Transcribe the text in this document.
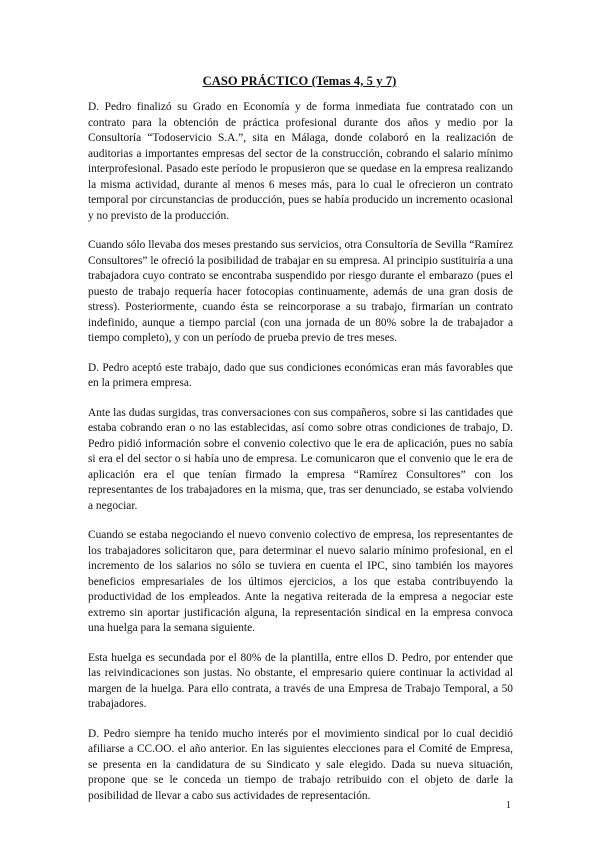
CASO PRÁCTICO (Temas 4, 5 y 7)

D. Pedro finalizó su Grado en Economía y de forma inmediata fue contratado con un contrato para la obtención de práctica profesional durante dos años y medio por la Consultoría “Todoservicio S.A.”, sita en Málaga, donde colaboró en la realización de auditorias a importantes empresas del sector de la construcción, cobrando el salario mínimo interprofesional. Pasado este período le propusieron que se quedase en la empresa realizando la misma actividad, durante al menos 6 meses más, para lo cual le ofrecieron un contrato temporal por circunstancias de producción, pues se había producido un incremento ocasional y no previsto de la producción.

Cuando sólo llevaba dos meses prestando sus servicios, otra Consultoría de Sevilla “Ramírez Consultores” le ofreció la posibilidad de trabajar en su empresa. Al principio sustituiría a una trabajadora cuyo contrato se encontraba suspendido por riesgo durante el embarazo (pues el puesto de trabajo requería hacer fotocopias continuamente, además de una gran dosis de stress). Posteriormente, cuando ésta se reincorporase a su trabajo, firmarían un contrato indefinido, aunque a tiempo parcial (con una jornada de un 80% sobre la de trabajador a tiempo completo), y con un período de prueba previo de tres meses.

D. Pedro aceptó este trabajo, dado que sus condiciones económicas eran más favorables que en la primera empresa.

Ante las dudas surgidas, tras conversaciones con sus compañeros, sobre si las cantidades que estaba cobrando eran o no las establecidas, así como sobre otras condiciones de trabajo, D. Pedro pidió información sobre el convenio colectivo que le era de aplicación, pues no sabía si era el del sector o si había uno de empresa. Le comunicaron que el convenio que le era de aplicación era el que tenían firmado la empresa “Ramírez Consultores” con los representantes de los trabajadores en la misma, que, tras ser denunciado, se estaba volviendo a negociar.

Cuando se estaba negociando el nuevo convenio colectivo de empresa, los representantes de los trabajadores solicitaron que, para determinar el nuevo salario mínimo profesional, en el incremento de los salarios no sólo se tuviera en cuenta el IPC, sino también los mayores beneficios empresariales de los últimos ejercicios, a los que estaba contribuyendo la productividad de los empleados. Ante la negativa reiterada de la empresa a negociar este extremo sin aportar justificación alguna, la representación sindical en la empresa convoca una huelga para la semana siguiente.

Esta huelga es secundada por el 80% de la plantilla, entre ellos D. Pedro, por entender que las reivindicaciones son justas. No obstante, el empresario quiere continuar la actividad al margen de la huelga. Para ello contrata, a través de una Empresa de Trabajo Temporal, a 50 trabajadores.

D. Pedro siempre ha tenido mucho interés por el movimiento sindical por lo cual decidió afiliarse a CC.OO. el año anterior. En las siguientes elecciones para el Comité de Empresa, se presenta en la candidatura de su Sindicato y sale elegido. Dada su nueva situación, propone que se le conceda un tiempo de trabajo retribuido con el objeto de darle la posibilidad de llevar a cabo sus actividades de representación.

1
